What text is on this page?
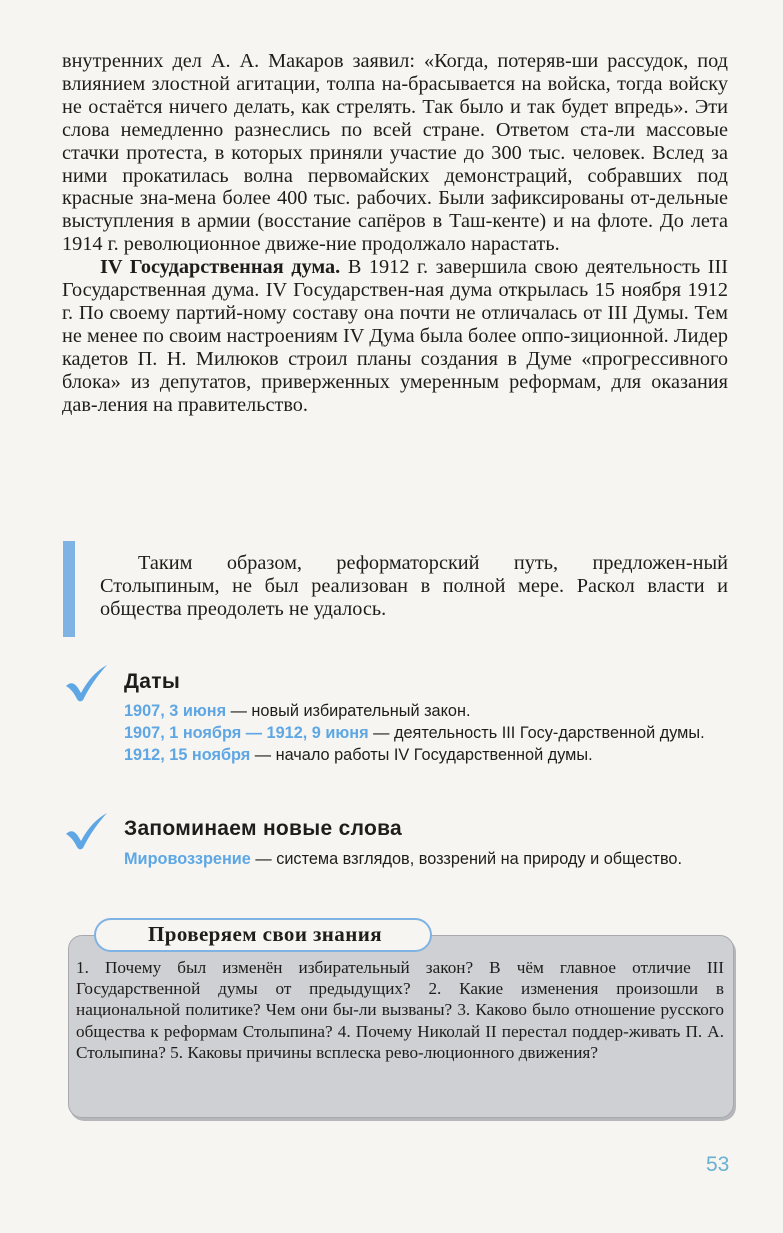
внутренних дел А. А. Макаров заявил: «Когда, потеряв-ши рассудок, под влиянием злостной агитации, толпа на-брасывается на войска, тогда войску не остаётся ничего делать, как стрелять. Так было и так будет впредь». Эти слова немедленно разнеслись по всей стране. Ответом ста-ли массовые стачки протеста, в которых приняли участие до 300 тыс. человек. Вслед за ними прокатилась волна первомайских демонстраций, собравших под красные зна-мена более 400 тыс. рабочих. Были зафиксированы от-дельные выступления в армии (восстание сапёров в Таш-кенте) и на флоте. До лета 1914 г. революционное движе-ние продолжало нарастать.

IV Государственная дума. В 1912 г. завершила свою деятельность III Государственная дума. IV Государствен-ная дума открылась 15 ноября 1912 г. По своему партий-ному составу она почти не отличалась от III Думы. Тем не менее по своим настроениям IV Дума была более оппо-зиционной. Лидер кадетов П. Н. Милюков строил планы создания в Думе «прогрессивного блока» из депутатов, приверженных умеренным реформам, для оказания дав-ления на правительство.

Таким образом, реформаторский путь, предложен-ный Столыпиным, не был реализован в полной мере. Раскол власти и общества преодолеть не удалось.

Даты

1907, 3 июня — новый избирательный закон.

1907, 1 ноября — 1912, 9 июня — деятельность III Госу-дарственной думы.

1912, 15 ноября — начало работы IV Государственной думы.

Запоминаем новые слова

Мировоззрение — система взглядов, воззрений на природу и общество.

Проверяем свои знания

1. Почему был изменён избирательный закон? В чём главное отличие III Государственной думы от предыдущих? 2. Какие изменения произошли в национальной политике? Чем они бы-ли вызваны? 3. Каково было отношение русского общества к реформам Столыпина? 4. Почему Николай II перестал поддер-живать П. А. Столыпина? 5. Каковы причины всплеска рево-люционного движения?

53
